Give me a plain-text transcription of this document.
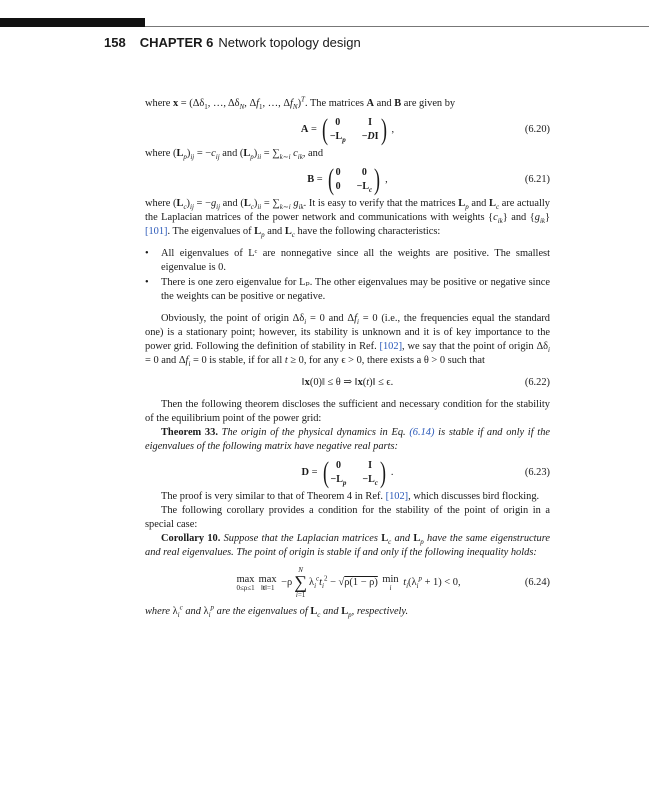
158 CHAPTER 6 Network topology design

where $x = (\Delta\delta_1$, …, $\Delta\delta_N$, $\Delta f_1$, …, $\Delta f_N)^T$. The matrices A and B are given by

A = ( 0	I
$-L_p -DI$ ) ,	(6.20)

where $(L_p)_{ij} = -c_{ij}$ and $(L_p)_{ii} = \sum_{k\sim i}$ $c_{ik}$, and

B = ( 0	0
$0 -L_c$ ) ,	(6.21)

where $(L_c)_{ij} = -g_{ij}$ and $(L_c)_{ii} = \sum_{k\sim i}$ $g_{ik}$. It is easy to verify that the matrices $L_p$ and $L_c$ are actually the Laplacian matrices of the power network and communications with weights $\{c_{ik}\}$ and $\{g_{ik}\}$ [101]. The eigenvalues of $L_p$ and $L_c$ have the following characteristics:

• All eigenvalues of Lᶜ are nonnegative since all the weights are positive. The smallest eigenvalue is 0.
• There is one zero eigenvalue for Lₚ. The other eigenvalues may be positive or negative since the weights can be positive or negative.

Obviously, the point of origin $\Delta\delta_i = 0$ and $\Delta f_i = 0$ (i.e., the frequencies equal the standard one) is a stationary point; however, its stability is unknown and it is of key importance to the power grid. Following the definition of stability in Ref. [102], we say that the point of origin $\Delta\delta_i = 0$ and $\Delta f_i = 0$ is stable, if for all t ≥ 0, for any ϵ > 0, there exists a θ > 0 such that

‖x(0)‖ ≤ θ ⇒ ‖x(t)‖ ≤ ϵ.	(6.22)

Then the following theorem discloses the sufficient and necessary condition for the stability of the equilibrium point of the power grid:

Theorem 33. The origin of the physical dynamics in Eq. (6.14) is stable if and only if the eigenvalues of the following matrix have negative real parts:

D = ( 0	I
$-L_p -L_c$ ) .	(6.23)

The proof is very similar to that of Theorem 4 in Ref. [102], which discusses bird flocking.

The following corollary provides a condition for the stability of the point of origin in a special case:

Corollary 10. Suppose that the Laplacian matrices $L_c$ and $L_p$ have the same eigenstructure and real eigenvalues. The point of origin is stable if and only if the following inequality holds:

max
0≤ρ≤1
max
‖t‖=1 −ρ
N
∑
i=1
$\lambda_i^ct_i^2 - √\rho(1 - \rho)$ min
i $t_i(\lambda_i^p + 1) < 0$,	(6.24)

where $\lambda_i^c$ and $\lambda_i^p$ are the eigenvalues of $L_c$ and $L_p$, respectively.
